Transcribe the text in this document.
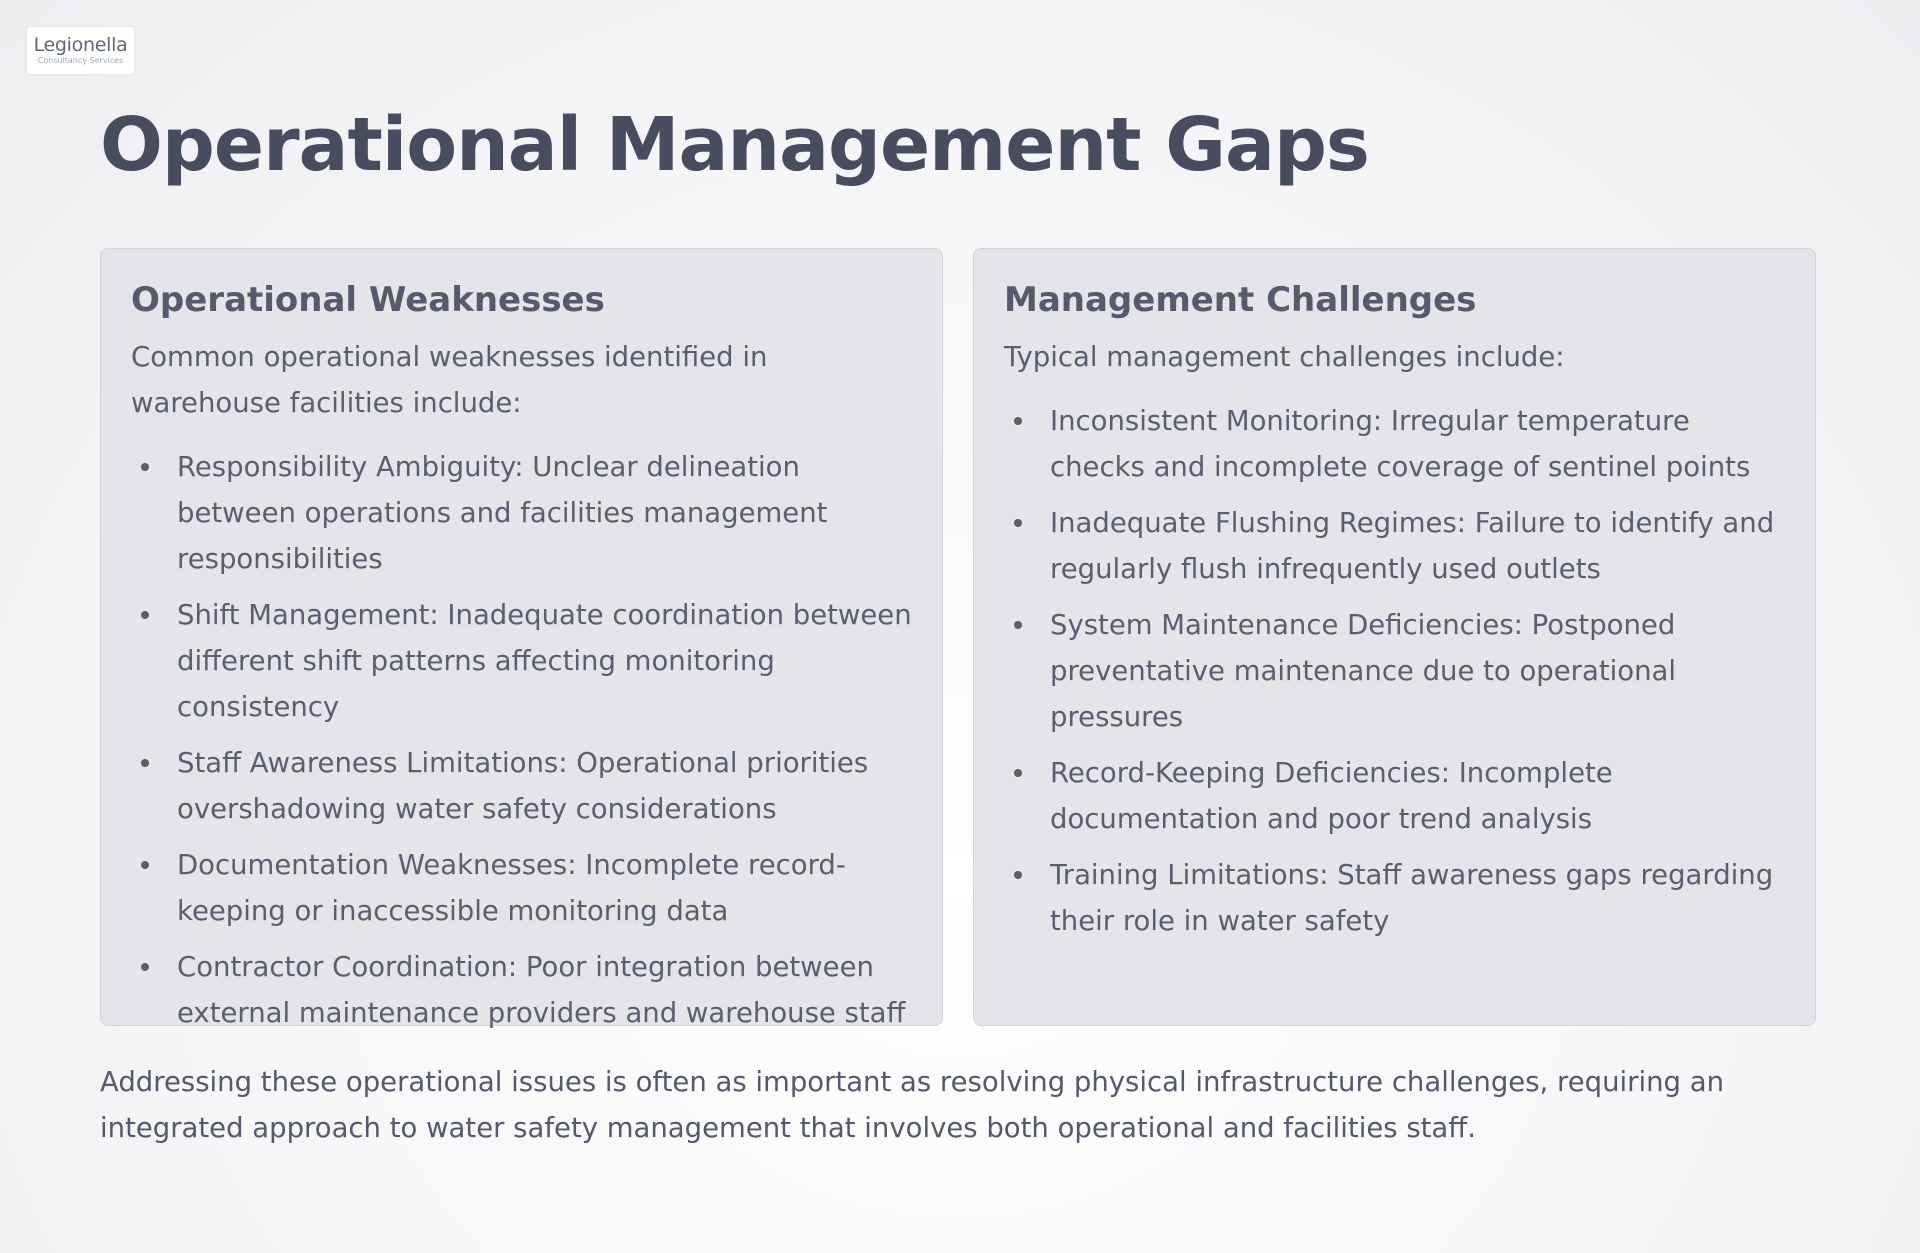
Legionella
Consultancy Services
Operational Management Gaps
Operational Weaknesses

Common operational weaknesses identified in warehouse facilities include:

Responsibility Ambiguity: Unclear delineation between operations and facilities management responsibilities
Shift Management: Inadequate coordination between different shift patterns affecting monitoring consistency
Staff Awareness Limitations: Operational priorities overshadowing water safety considerations
Documentation Weaknesses: Incomplete record-keeping or inaccessible monitoring data
Contractor Coordination: Poor integration between external maintenance providers and warehouse staff
Management Challenges

Typical management challenges include:

Inconsistent Monitoring: Irregular temperature checks and incomplete coverage of sentinel points
Inadequate Flushing Regimes: Failure to identify and regularly flush infrequently used outlets
System Maintenance Deficiencies: Postponed preventative maintenance due to operational pressures
Record-Keeping Deficiencies: Incomplete documentation and poor trend analysis
Training Limitations: Staff awareness gaps regarding their role in water safety

Addressing these operational issues is often as important as resolving physical infrastructure challenges, requiring an integrated approach to water safety management that involves both operational and facilities staff.
